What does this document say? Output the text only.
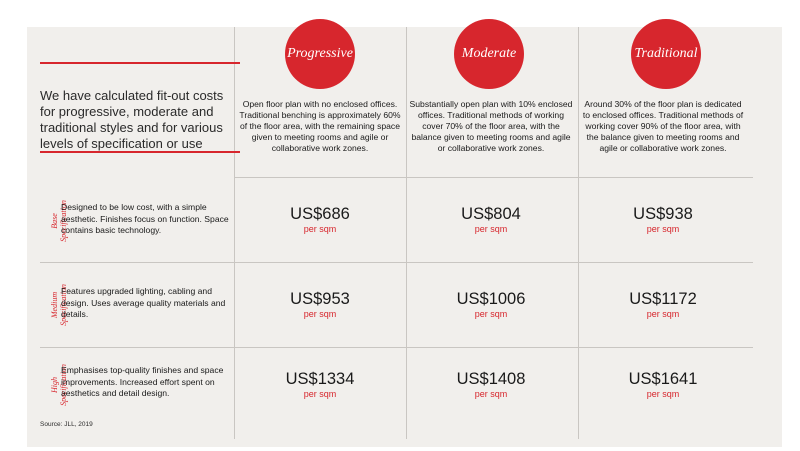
We have calculated fit-out costs for progressive, moderate and traditional styles and for various levels of specification or use
Progressive
Open floor plan with no enclosed offices. Traditional benching is approximately 60% of the floor area, with the remaining space given to meeting rooms and agile or collaborative work zones.
Moderate
Substantially open plan with 10% enclosed offices. Traditional methods of working cover 70% of the floor area, with the balance given to meeting rooms and agile or collaborative work zones.
Traditional
Around 30% of the floor plan is dedicated to enclosed offices. Traditional methods of working cover 90% of the floor area, with the balance given to meeting rooms and agile or collaborative work zones.
Base Specification
Designed to be low cost, with a simple aesthetic. Finishes focus on function. Space contains basic technology.
US$686
per sqm
US$804
per sqm
US$938
per sqm
Medium Specification
Features upgraded lighting, cabling and design. Uses average quality materials and details.
US$953
per sqm
US$1006
per sqm
US$1172
per sqm
High Specification
Emphasises top-quality finishes and space improvements. Increased effort spent on aesthetics and detail design.
US$1334
per sqm
US$1408
per sqm
US$1641
per sqm
Source: JLL, 2019
